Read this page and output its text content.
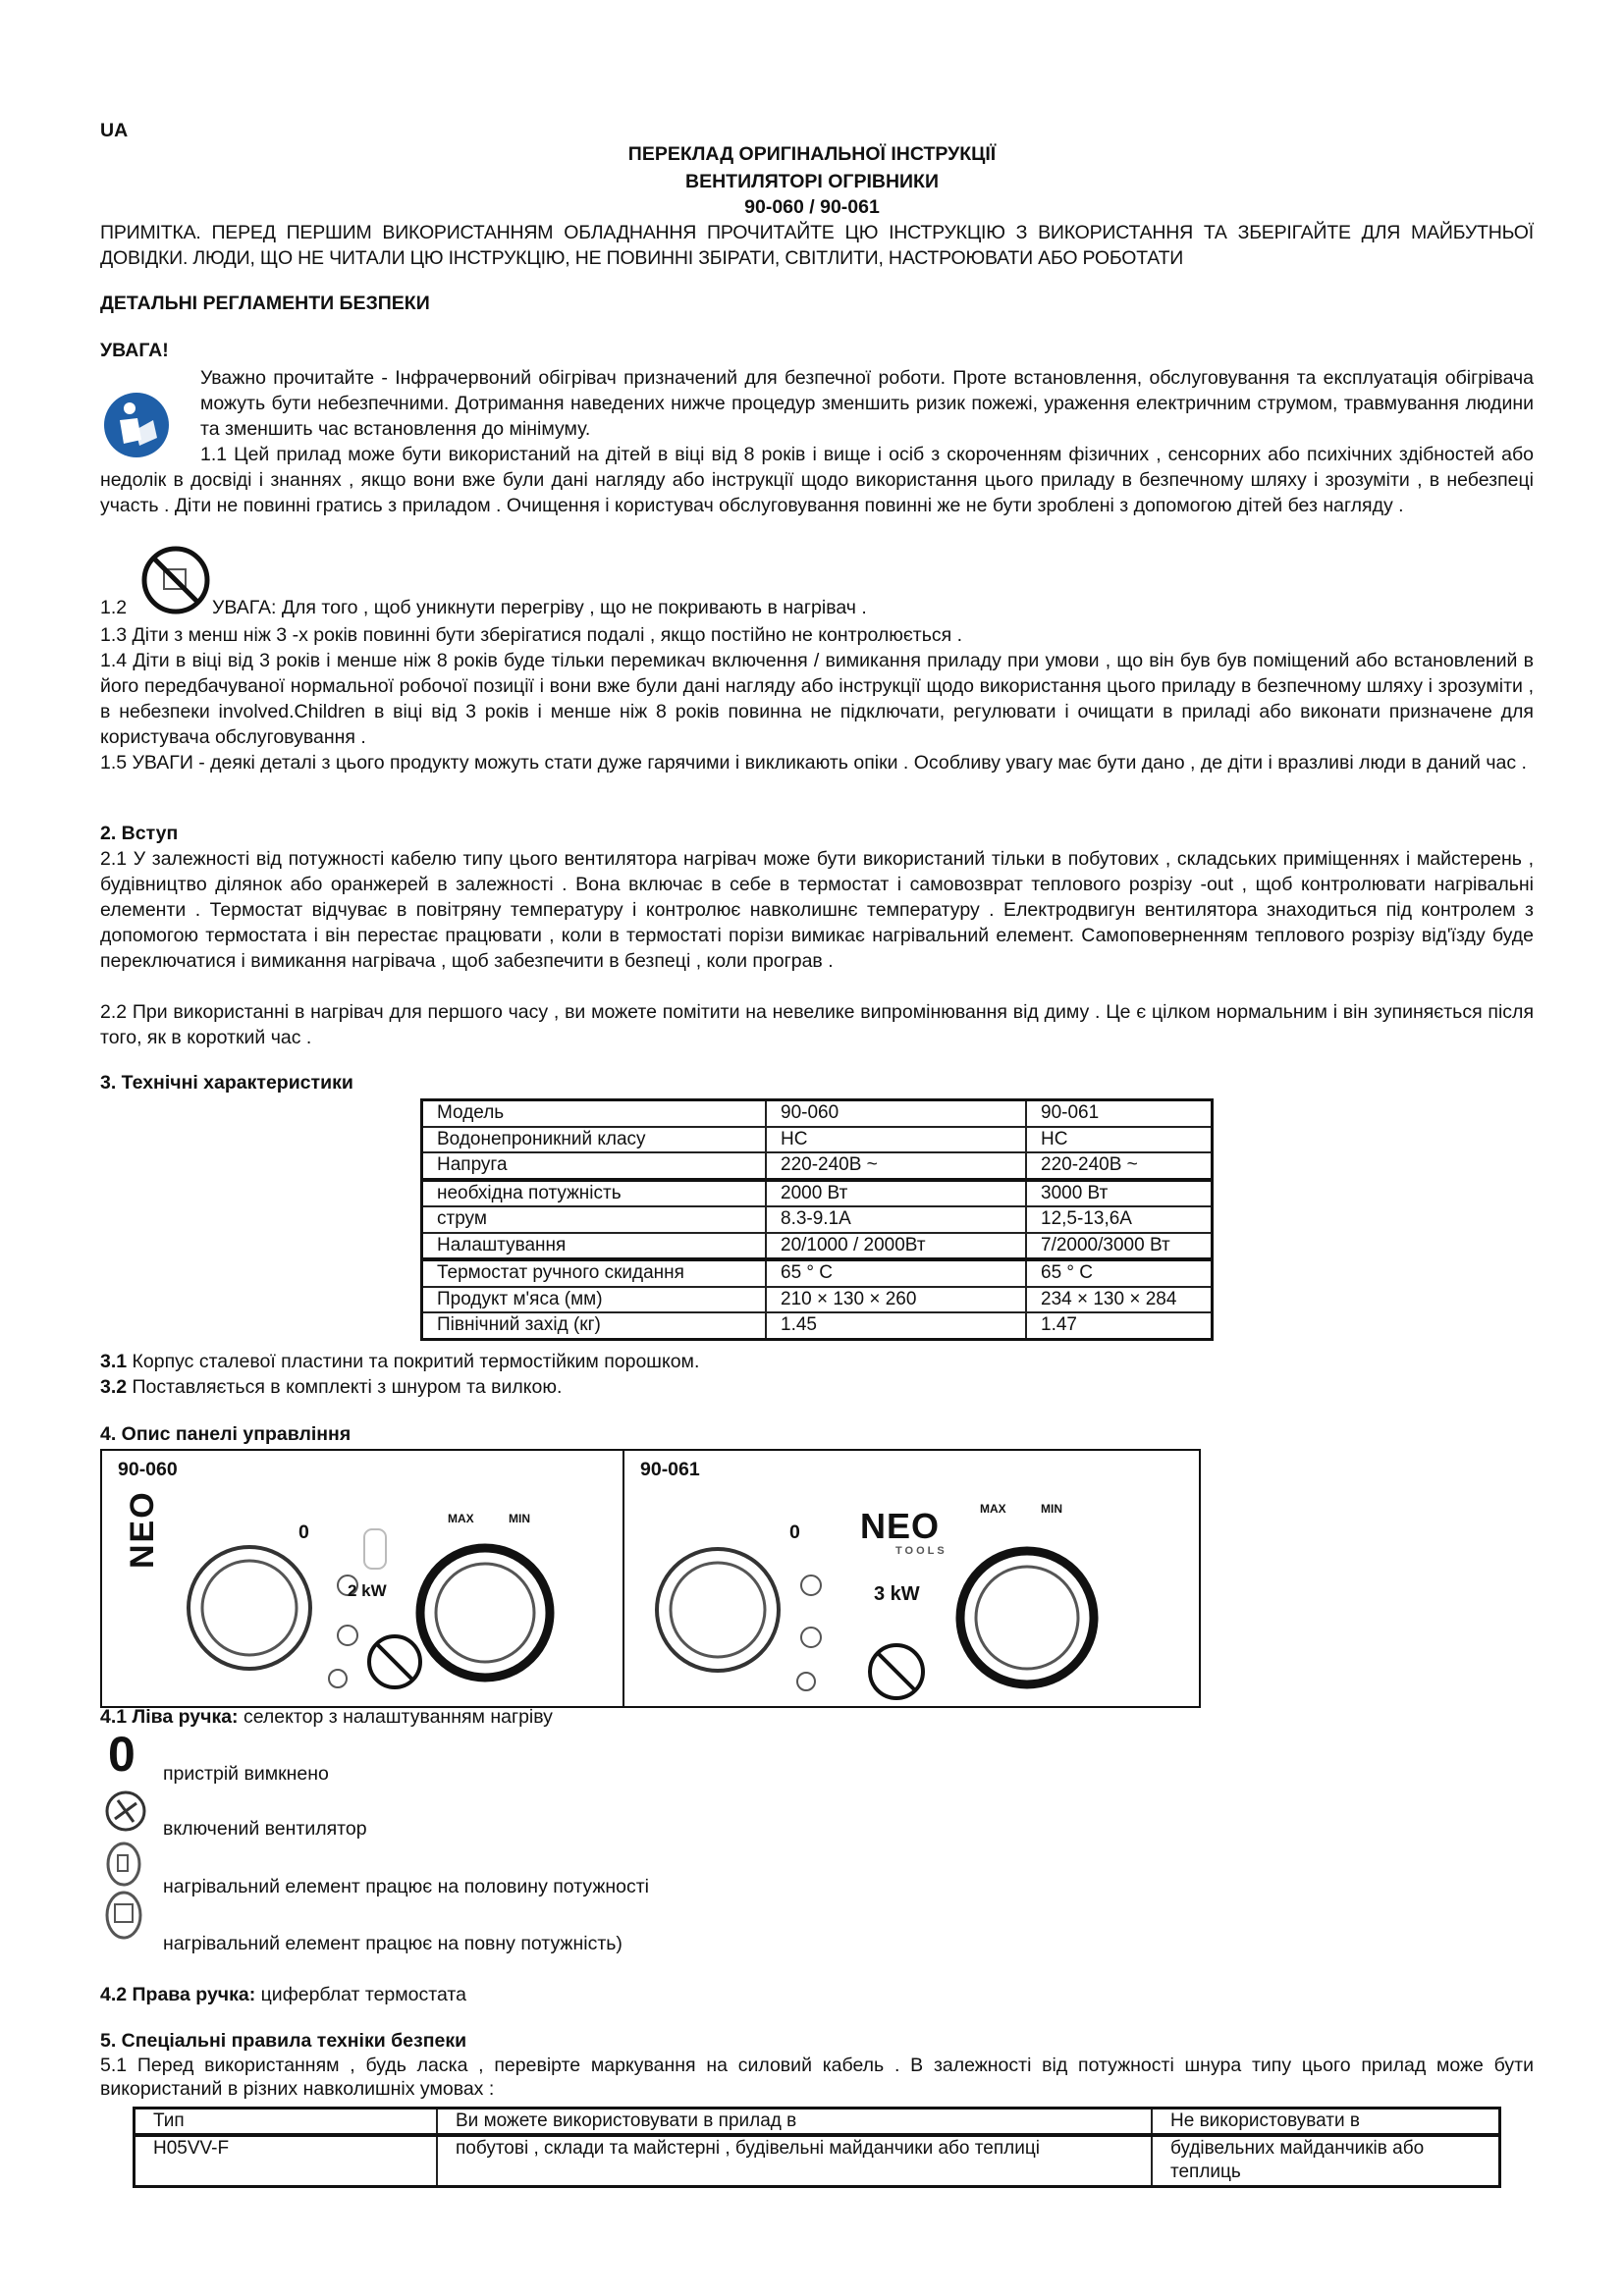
UA
ПЕРЕКЛАД ОРИГІНАЛЬНОЇ ІНСТРУКЦІЇ
ВЕНТИЛЯТОРІ ОГРІВНИКИ
90-060 / 90-061
ПРИМІТКА. ПЕРЕД ПЕРШИМ ВИКОРИСТАННЯМ ОБЛАДНАННЯ ПРОЧИТАЙТЕ ЦЮ ІНСТРУКЦІЮ З ВИКОРИСТАННЯ ТА ЗБЕРІГАЙТЕ ДЛЯ МАЙБУТНЬОЇ ДОВІДКИ. ЛЮДИ, ЩО НЕ ЧИТАЛИ ЦЮ ІНСТРУКЦІЮ, НЕ ПОВИННІ ЗБІРАТИ, СВІТЛИТИ, НАСТРОЮВАТИ АБО РОБОТАТИ
ДЕТАЛЬНІ РЕГЛАМЕНТИ БЕЗПЕКИ
УВАГА!
Уважно прочитайте - Інфрачервоний обігрівач призначений для безпечної роботи. Проте встановлення, обслуговування та експлуатація обігрівача можуть бути небезпечними. Дотримання наведених нижче процедур зменшить ризик пожежі, ураження електричним струмом, травмування людини та зменшить час встановлення до мінімуму.
1.1 Цей прилад може бути використаний на дітей в віці від 8 років і вище і осіб з скороченням фізичних , сенсорних або психічних здібностей або недолік в досвіді і знаннях , якщо вони вже були дані нагляду або інструкції щодо використання цього приладу в безпечному шляху і зрозуміти , в небезпеці участь . Діти не повинні гратись з приладом . Очищення і користувач обслуговування повинні же не бути зроблені з допомогою дітей без нагляду .
1.2	УВАГА: Для того , щоб уникнути перегріву , що не покривають в нагрівач .
1.3 Діти з менш ніж 3 -х років повинні бути зберігатися подалі , якщо постійно не контролюється .
1.4 Діти в віці від 3 років і менше ніж 8 років буде тільки перемикач включення / вимикання приладу при умови , що він був був поміщений або встановлений в його передбачуваної нормальної робочої позиції і вони вже були дані нагляду або інструкції щодо використання цього приладу в безпечному шляху і зрозуміти , в небезпеки involved.Children в віці від 3 років і менше ніж 8 років повинна не підключати, регулювати і очищати в приладі або виконати призначене для користувача обслуговування .
1.5 УВАГИ - деякі деталі з цього продукту можуть стати дуже гарячими і викликають опіки . Особливу увагу має бути дано , де діти і вразливі люди в даний час .
2. Вступ
2.1 У залежності від потужності кабелю типу цього вентилятора нагрівач може бути використаний тільки в побутових , складських приміщеннях і майстерень , будівництво ділянок або оранжерей в залежності . Вона включає в себе в термостат і самовозврат теплового розрізу -out , щоб контролювати нагрівальні елементи . Термостат відчуває в повітряну температуру і контролює навколишнє температуру . Електродвигун вентилятора знаходиться під контролем з допомогою термостата і він перестає працювати , коли в термостаті порізи вимикає нагрівальний елемент. Самоповерненням теплового розрізу від'їзду буде переключатися і вимикання нагрівача , щоб забезпечити в безпеці , коли програв .
2.2 При використанні в нагрівач для першого часу , ви можете помітити на невелике випромінювання від диму . Це є цілком нормальним і він зупиняється після того, як в короткий час .
3. Технічні характеристики
Модель	90-060	90-061
Водонепроникний класу	HC	HC
Напруга	220-240В ~	220-240В ~
необхідна потужність	2000 Вт	3000 Вт
струм	8.3-9.1А	12,5-13,6А
Налаштування	20/1000 / 2000Вт	7/2000/3000 Вт
Термостат ручного скидання	65 ° C	65 ° C
Продукт м'яса (мм)	210 × 130 × 260	234 × 130 × 284
Північний захід (кг)	1.45	1.47
3.1 Корпус сталевої пластини та покритий термостійким порошком.
3.2 Поставляється в комплекті з шнуром та вилкою.
4. Опис панелі управління
90-060
NEO	0
2 kW
MAX	MIN
90-061
0 NEO
TOOLS
3 kW
MAX	MIN
4.1 Ліва ручка: селектор з налаштуванням нагріву
0 пристрій вимкнено
включений вентилятор
нагрівальний елемент працює на половину потужності
нагрівальний елемент працює на повну потужність)
4.2 Права ручка: циферблат термостата
5. Спеціальні правила техніки безпеки
5.1 Перед використанням , будь ласка , перевірте маркування на силовий кабель . В залежності від потужності шнура типу цього прилад може бути використаний в різних навколишніх умовах :
Тип	Ви можете використовувати в прилад в	Не використовувати в
H05VV-F	побутові , склади та майстерні , будівельні майданчики або теплиці	будівельних майданчиків або теплиць
